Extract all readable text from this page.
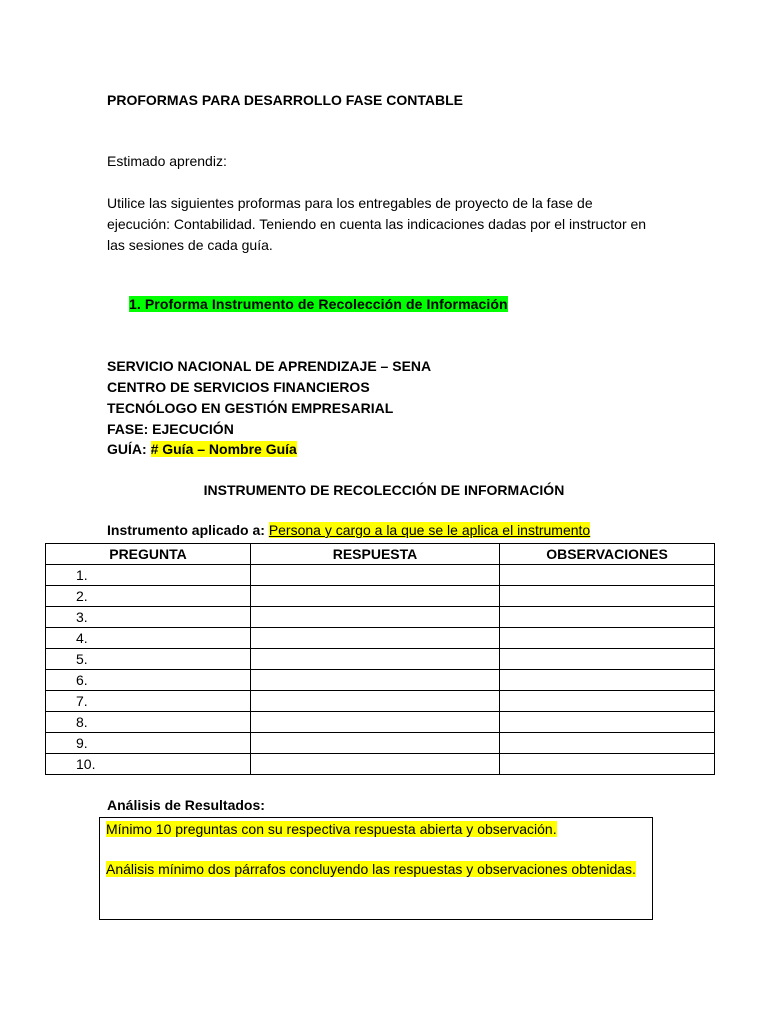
PROFORMAS PARA DESARROLLO FASE CONTABLE
Estimado aprendiz:
Utilice las siguientes proformas para los entregables de proyecto de la fase de ejecución: Contabilidad. Teniendo en cuenta las indicaciones dadas por el instructor en las sesiones de cada guía.
1. Proforma Instrumento de Recolección de Información
SERVICIO NACIONAL DE APRENDIZAJE – SENA
CENTRO DE SERVICIOS FINANCIEROS
TECNÓLOGO EN GESTIÓN EMPRESARIAL
FASE: EJECUCIÓN
GUÍA: # Guía – Nombre Guía
INSTRUMENTO DE RECOLECCIÓN DE INFORMACIÓN
Instrumento aplicado a: Persona y cargo a la que se le aplica el instrumento
PREGUNTA	RESPUESTA	OBSERVACIONES
1.		
2.		
3.		
4.		
5.		
6.		
7.		
8.		
9.		
10.		
Análisis de Resultados:

Mínimo 10 preguntas con su respectiva respuesta abierta y observación.

Análisis mínimo dos párrafos concluyendo las respuestas y observaciones obtenidas.
